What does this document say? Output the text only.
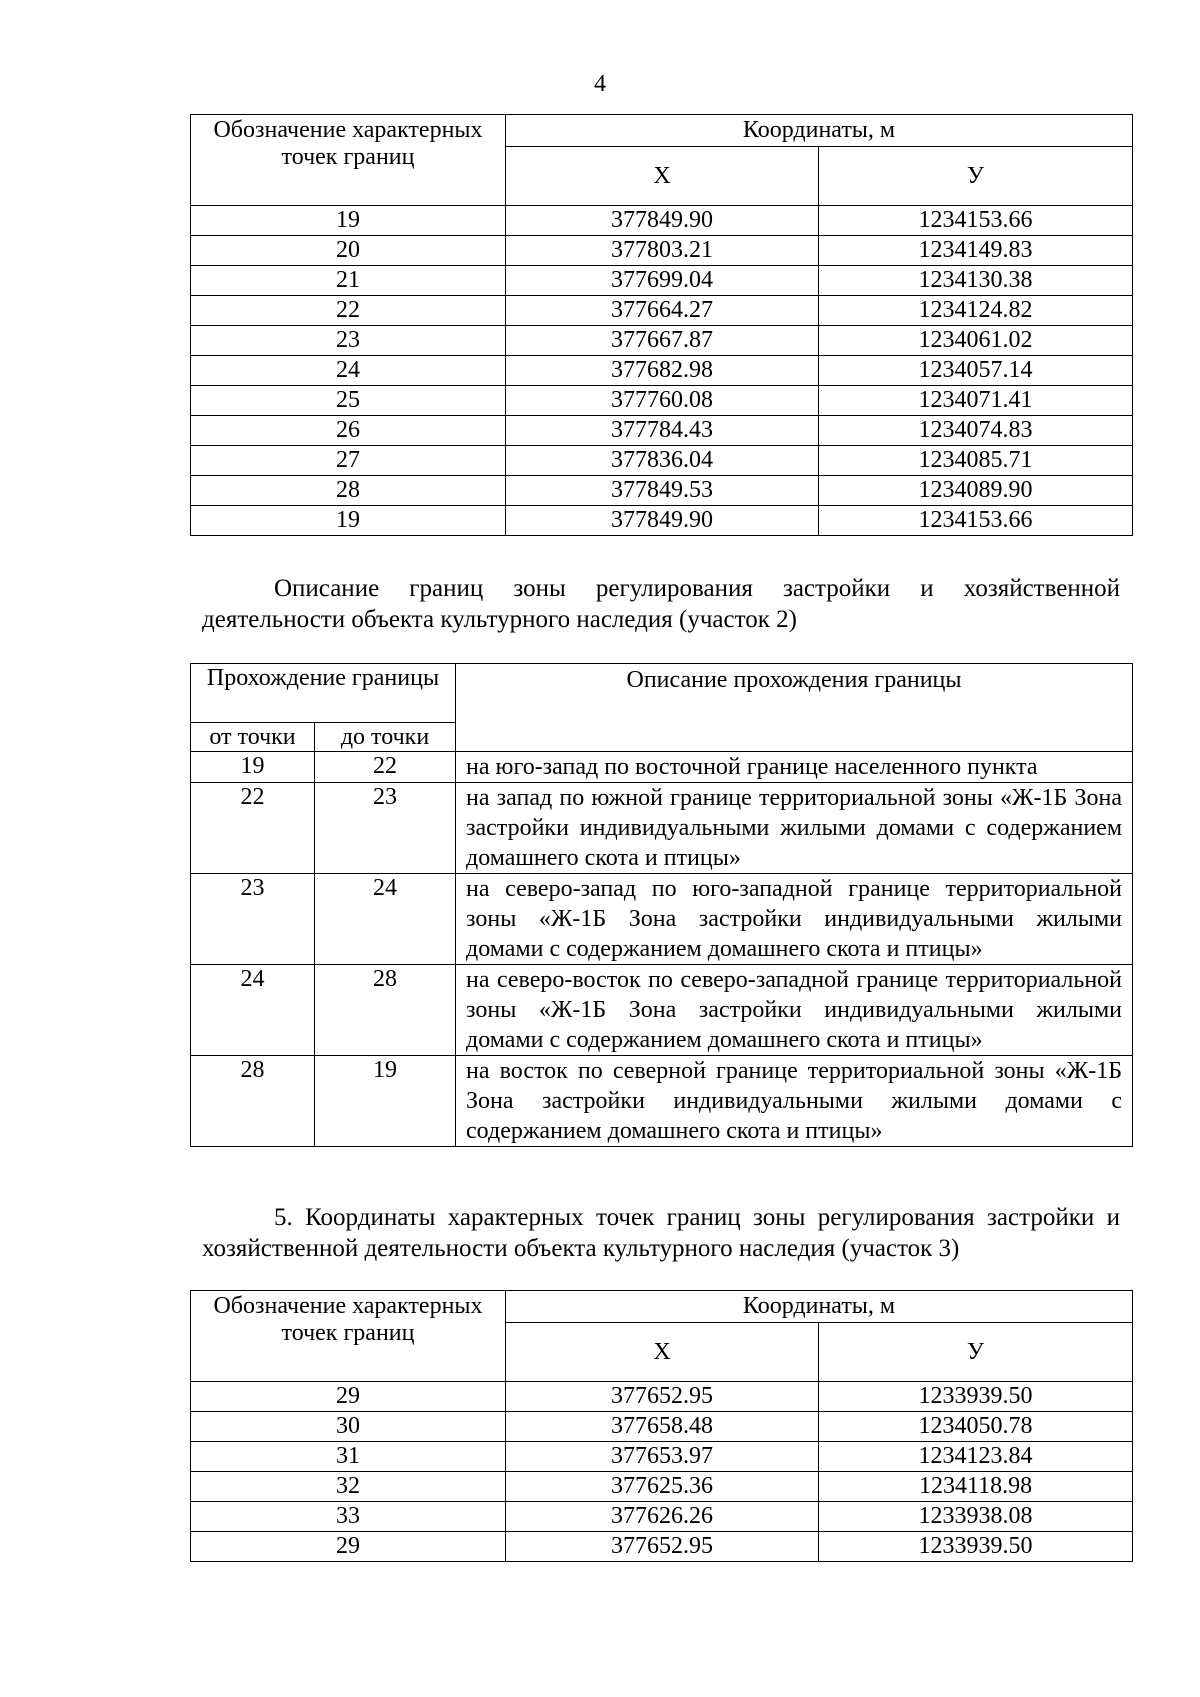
4
Обозначение характерных точек границ	Координаты, м	
	X	У
19	377849.90	1234153.66
20	377803.21	1234149.83
21	377699.04	1234130.38
22	377664.27	1234124.82
23	377667.87	1234061.02
24	377682.98	1234057.14
25	377760.08	1234071.41
26	377784.43	1234074.83
27	377836.04	1234085.71
28	377849.53	1234089.90
19	377849.90	1234153.66
Описание границ зоны регулирования застройки и хозяйственной деятельности объекта культурного наследия (участок 2)
Прохождение границы		Описание прохождения границы
от точки	до точки	
19	22	на юго-запад по восточной границе населенного пункта
22	23	на запад по южной границе территориальной зоны «Ж-1Б Зона застройки индивидуальными жилыми домами с содержанием домашнего скота и птицы»
23	24	на северо-запад по юго-западной границе территориальной зоны «Ж-1Б Зона застройки индивидуальными жилыми домами с содержанием домашнего скота и птицы»
24	28	на северо-восток по северо-западной границе территориальной зоны «Ж-1Б Зона застройки индивидуальными жилыми домами с содержанием домашнего скота и птицы»
28	19	на восток по северной границе территориальной зоны «Ж-1Б Зона застройки индивидуальными жилыми домами с содержанием домашнего скота и птицы»
5. Координаты характерных точек границ зоны регулирования застройки и хозяйственной деятельности объекта культурного наследия (участок 3)
Обозначение характерных точек границ	Координаты, м	
	X	У
29	377652.95	1233939.50
30	377658.48	1234050.78
31	377653.97	1234123.84
32	377625.36	1234118.98
33	377626.26	1233938.08
29	377652.95	1233939.50
